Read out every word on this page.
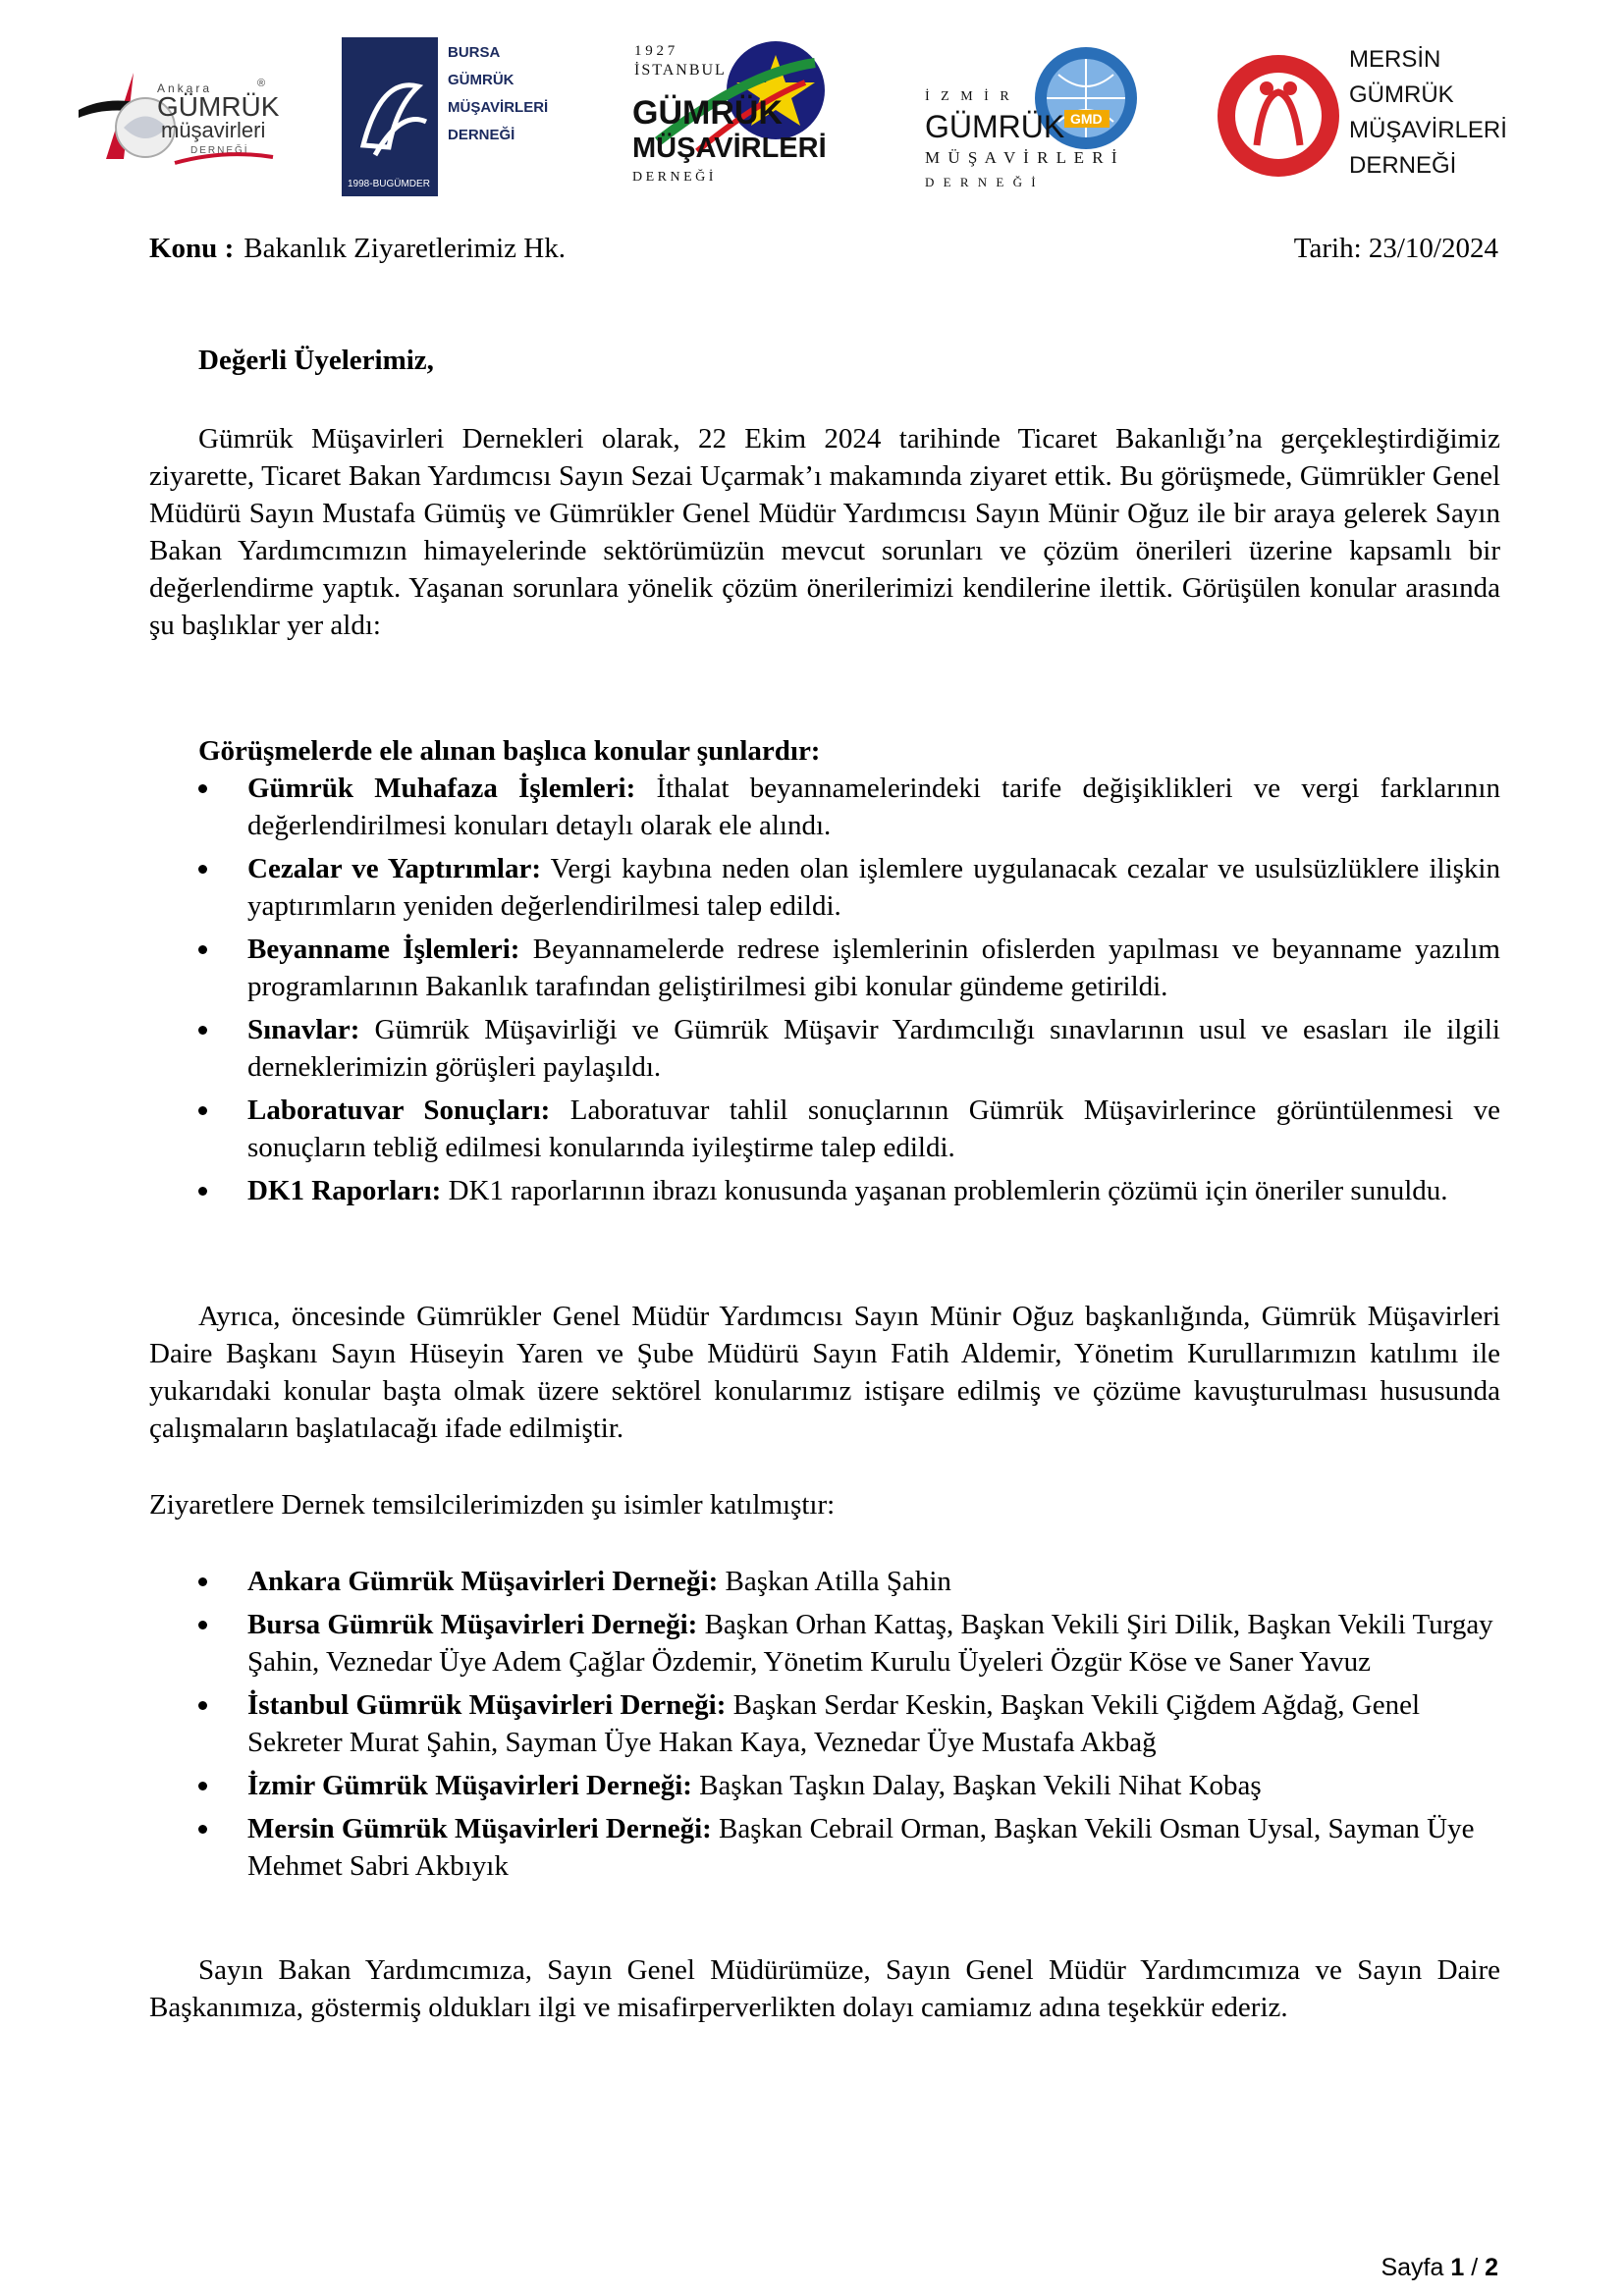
Ankara	®
GÜMRÜK
müşavirleri
DERNEĞİ
1998-BUGÜMDER
BURSA
GÜMRÜK
MÜŞAVİRLERİ
DERNEĞİ
1 9 2 7
İSTANBUL
GÜMRÜK
MÜŞAVİRLERİ
D E R N E Ğ İ
GMD
İ Z M İ R
GÜMRÜK
M Ü Ş A V İ R L E R İ
D E R N E Ğ İ
MERSİN
GÜMRÜK
MÜŞAVİRLERİ
DERNEĞİ
Konu : Bakanlık Ziyaretlerimiz Hk.	Tarih: 23/10/2024
Değerli Üyelerimiz,
Gümrük Müşavirleri Dernekleri olarak, 22 Ekim 2024 tarihinde Ticaret Bakanlığı’na gerçekleştirdiğimiz ziyarette, Ticaret Bakan Yardımcısı Sayın Sezai Uçarmak’ı makamında ziyaret ettik. Bu görüşmede, Gümrükler Genel Müdürü Sayın Mustafa Gümüş ve Gümrükler Genel Müdür Yardımcısı Sayın Münir Oğuz ile bir araya gelerek Sayın Bakan Yardımcımızın himayelerinde sektörümüzün mevcut sorunları ve çözüm önerileri üzerine kapsamlı bir değerlendirme yaptık. Yaşanan sorunlara yönelik çözüm önerilerimizi kendilerine ilettik. Görüşülen konular arasında şu başlıklar yer aldı:
Görüşmelerde ele alınan başlıca konular şunlardır:
Gümrük Muhafaza İşlemleri: İthalat beyannamelerindeki tarife değişiklikleri ve vergi farklarının değerlendirilmesi konuları detaylı olarak ele alındı.
Cezalar ve Yaptırımlar: Vergi kaybına neden olan işlemlere uygulanacak cezalar ve usulsüzlüklere ilişkin yaptırımların yeniden değerlendirilmesi talep edildi.
Beyanname İşlemleri: Beyannamelerde redrese işlemlerinin ofislerden yapılması ve beyanname yazılım programlarının Bakanlık tarafından geliştirilmesi gibi konular gündeme getirildi.
Sınavlar: Gümrük Müşavirliği ve Gümrük Müşavir Yardımcılığı sınavlarının usul ve esasları ile ilgili derneklerimizin görüşleri paylaşıldı.
Laboratuvar Sonuçları: Laboratuvar tahlil sonuçlarının Gümrük Müşavirlerince görüntülenmesi ve sonuçların tebliğ edilmesi konularında iyileştirme talep edildi.
DK1 Raporları: DK1 raporlarının ibrazı konusunda yaşanan problemlerin çözümü için öneriler sunuldu.
Ayrıca, öncesinde Gümrükler Genel Müdür Yardımcısı Sayın Münir Oğuz başkanlığında, Gümrük Müşavirleri Daire Başkanı Sayın Hüseyin Yaren ve Şube Müdürü Sayın Fatih Aldemir, Yönetim Kurullarımızın katılımı ile yukarıdaki konular başta olmak üzere sektörel konularımız istişare edilmiş ve çözüme kavuşturulması hususunda çalışmaların başlatılacağı ifade edilmiştir.
Ziyaretlere Dernek temsilcilerimizden şu isimler katılmıştır:
Ankara Gümrük Müşavirleri Derneği: Başkan Atilla Şahin
Bursa Gümrük Müşavirleri Derneği: Başkan Orhan Kattaş, Başkan Vekili Şiri Dilik, Başkan Vekili Turgay Şahin, Veznedar Üye Adem Çağlar Özdemir, Yönetim Kurulu Üyeleri Özgür Köse ve Saner Yavuz
İstanbul Gümrük Müşavirleri Derneği: Başkan Serdar Keskin, Başkan Vekili Çiğdem Ağdağ, Genel Sekreter Murat Şahin, Sayman Üye Hakan Kaya, Veznedar Üye Mustafa Akbağ
İzmir Gümrük Müşavirleri Derneği: Başkan Taşkın Dalay, Başkan Vekili Nihat Kobaş
Mersin Gümrük Müşavirleri Derneği: Başkan Cebrail Orman, Başkan Vekili Osman Uysal, Sayman Üye Mehmet Sabri Akbıyık
Sayın Bakan Yardımcımıza, Sayın Genel Müdürümüze, Sayın Genel Müdür Yardımcımıza ve Sayın Daire Başkanımıza, göstermiş oldukları ilgi ve misafirperverlikten dolayı camiamız adına teşekkür ederiz.
Sayfa 1 / 2
